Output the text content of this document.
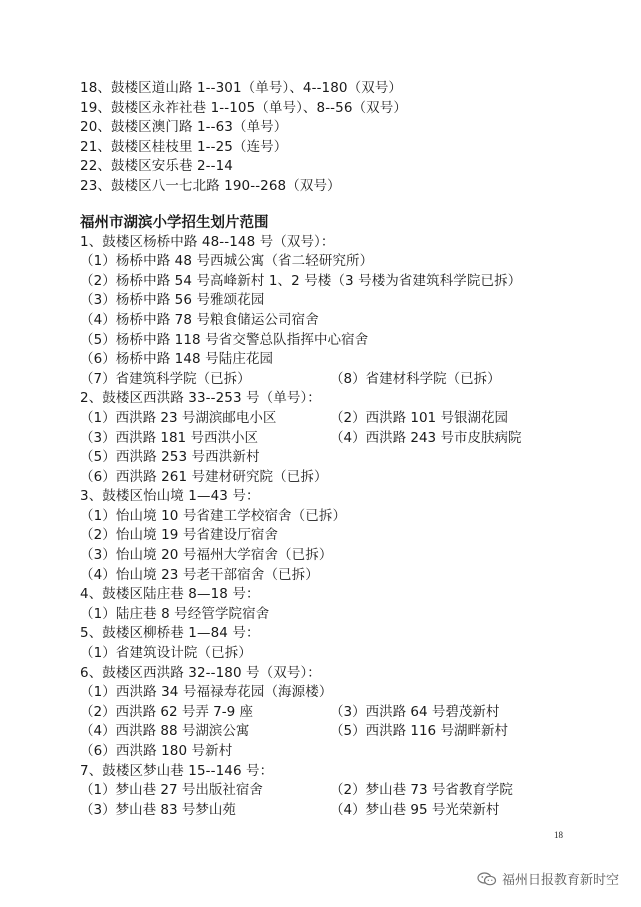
18、鼓楼区道山路 1--301（单号）、4--180（双号）
19、鼓楼区永祚社巷 1--105（单号）、8--56（双号）
20、鼓楼区澳门路 1--63（单号）
21、鼓楼区桂枝里 1--25（连号）
22、鼓楼区安乐巷 2--14
23、鼓楼区八一七北路 190--268（双号）
福州市湖滨小学招生划片范围
1、鼓楼区杨桥中路 48--148 号（双号）：
（1）杨桥中路 48 号西城公寓（省二轻研究所）
（2）杨桥中路 54 号高峰新村 1、2 号楼（3 号楼为省建筑科学院已拆）
（3）杨桥中路 56 号雅颂花园
（4）杨桥中路 78 号粮食储运公司宿舍
（5）杨桥中路 118 号省交警总队指挥中心宿舍
（6）杨桥中路 148 号陆庄花园
（7）省建筑科学院（已拆）	（8）省建材科学院（已拆）
2、鼓楼区西洪路 33--253 号（单号）：
（1）西洪路 23 号湖滨邮电小区	（2）西洪路 101 号银湖花园
（3）西洪路 181 号西洪小区	（4）西洪路 243 号市皮肤病院
（5）西洪路 253 号西洪新村
（6）西洪路 261 号建材研究院（已拆）
3、鼓楼区怡山境 1—43 号：
（1）怡山境 10 号省建工学校宿舍（已拆）
（2）怡山境 19 号省建设厅宿舍
（3）怡山境 20 号福州大学宿舍（已拆）
（4）怡山境 23 号老干部宿舍（已拆）
4、鼓楼区陆庄巷 8—18 号：
（1）陆庄巷 8 号经管学院宿舍
5、鼓楼区柳桥巷 1—84 号：
（1）省建筑设计院（已拆）
6、鼓楼区西洪路 32--180 号（双号）：
（1）西洪路 34 号福禄寿花园（海源楼）
（2）西洪路 62 号弄 7-9 座	（3）西洪路 64 号碧茂新村
（4）西洪路 88 号湖滨公寓	（5）西洪路 116 号湖畔新村
（6）西洪路 180 号新村
7、鼓楼区梦山巷 15--146 号：
（1）梦山巷 27 号出版社宿舍	（2）梦山巷 73 号省教育学院
（3）梦山巷 83 号梦山苑	（4）梦山巷 95 号光荣新村
18
福州日报教育新时空
